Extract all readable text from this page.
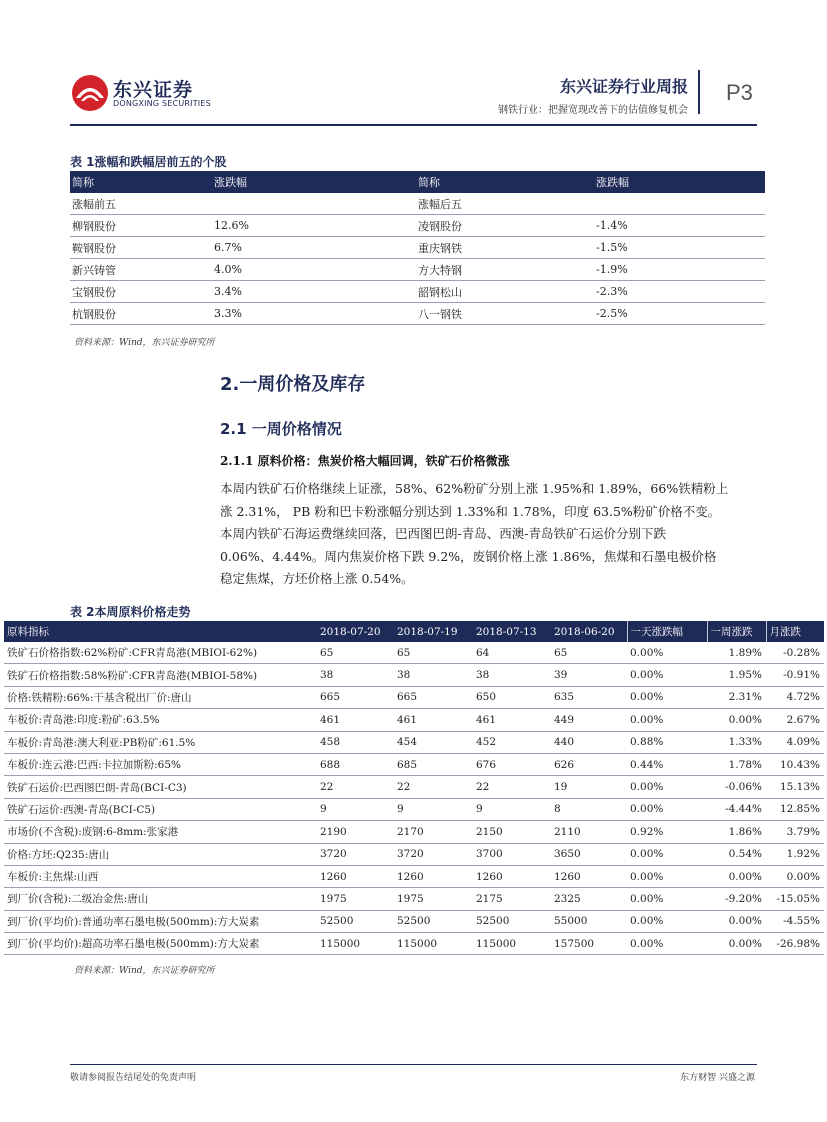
东兴证券
DONGXING SECURITIES
东兴证券行业周报
钢铁行业：把握宽现改善下的估值修复机会
P3
表 1涨幅和跌幅居前五的个股
简称	涨跌幅	简称	涨跌幅
涨幅前五		涨幅后五	
柳钢股份	12.6%	凌钢股份	-1.4%
鞍钢股份	6.7%	重庆钢铁	-1.5%
新兴铸管	4.0%	方大特钢	-1.9%
宝钢股份	3.4%	韶钢松山	-2.3%
杭钢股份	3.3%	八一钢铁	-2.5%
资料来源：Wind，东兴证券研究所
2.一周价格及库存
2.1 一周价格情况
2.1.1 原料价格：焦炭价格大幅回调，铁矿石价格微涨
本周内铁矿石价格继续上证涨，58%、62%粉矿分别上涨 1.95%和 1.89%，66%铁精粉上
涨 2.31%， PB 粉和巴卡粉涨幅分别达到 1.33%和 1.78%，印度 63.5%粉矿价格不变。
本周内铁矿石海运费继续回落，巴西图巴朗-青岛、西澳-青岛铁矿石运价分别下跌
0.06%、4.44%。周内焦炭价格下跌 9.2%，废钢价格上涨 1.86%，焦煤和石墨电极价格
稳定焦煤，方坯价格上涨 0.54%。
表 2本周原料价格走势
原料指标	2018-07-20	2018-07-19	2018-07-13	2018-06-20	一天涨跌幅	一周涨跌	月涨跌
铁矿石价格指数:62%粉矿:CFR青岛港(MBIOI-62%)	65	65	64	65	0.00%	1.89%	-0.28%
铁矿石价格指数:58%粉矿:CFR青岛港(MBIOI-58%)	38	38	38	39	0.00%	1.95%	-0.91%
价格:铁精粉:66%:干基含税出厂价:唐山	665	665	650	635	0.00%	2.31%	4.72%
车板价:青岛港:印度:粉矿:63.5%	461	461	461	449	0.00%	0.00%	2.67%
车板价:青岛港:澳大利亚:PB粉矿:61.5%	458	454	452	440	0.88%	1.33%	4.09%
车板价:连云港:巴西:卡拉加斯粉:65%	688	685	676	626	0.44%	1.78%	10.43%
铁矿石运价:巴西图巴朗-青岛(BCI-C3)	22	22	22	19	0.00%	-0.06%	15.13%
铁矿石运价:西澳-青岛(BCI-C5)	9	9	9	8	0.00%	-4.44%	12.85%
市场价(不含税):废钢:6-8mm:张家港	2190	2170	2150	2110	0.92%	1.86%	3.79%
价格:方坯:Q235:唐山	3720	3720	3700	3650	0.00%	0.54%	1.92%
车板价:主焦煤:山西	1260	1260	1260	1260	0.00%	0.00%	0.00%
到厂价(含税):二级冶金焦:唐山	1975	1975	2175	2325	0.00%	-9.20%	-15.05%
到厂价(平均价):普通功率石墨电极(500mm):方大炭素	52500	52500	52500	55000	0.00%	0.00%	-4.55%
到厂价(平均价):超高功率石墨电极(500mm):方大炭素	115000	115000	115000	157500	0.00%	0.00%	-26.98%
资料来源：Wind，东兴证券研究所
敬请参阅报告结尾处的免责声明	东方财智 兴盛之源
